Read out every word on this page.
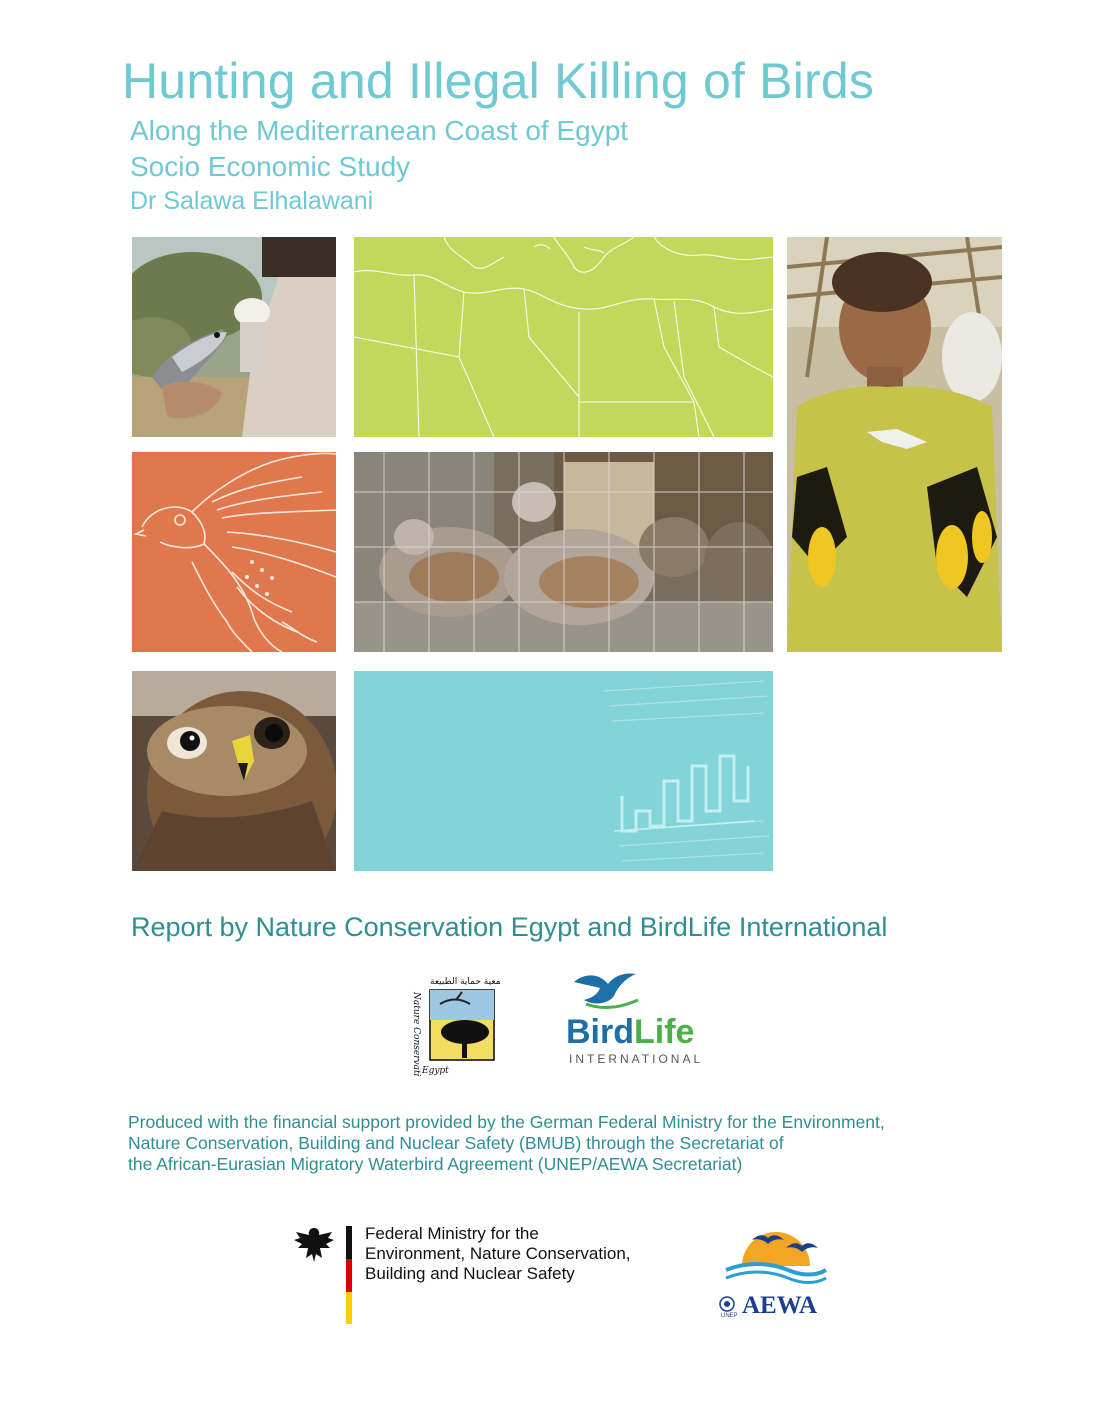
Hunting and Illegal Killing of Birds
Along the Mediterranean Coast of Egypt
Socio Economic Study
Dr Salawa Elhalawani
Report by Nature Conservation Egypt and BirdLife International
جمعية حماية الطبيعة
Nature Conservation Egypt
BirdLife
INTERNATIONAL
Produced with the financial support provided by the German Federal Ministry for the Environment,
Nature Conservation, Building and Nuclear Safety (BMUB) through the Secretariat of
the African-Eurasian Migratory Waterbird Agreement (UNEP/AEWA Secretariat)
Federal Ministry for the
Environment, Nature Conservation,
Building and Nuclear Safety
UNEP AEWA
